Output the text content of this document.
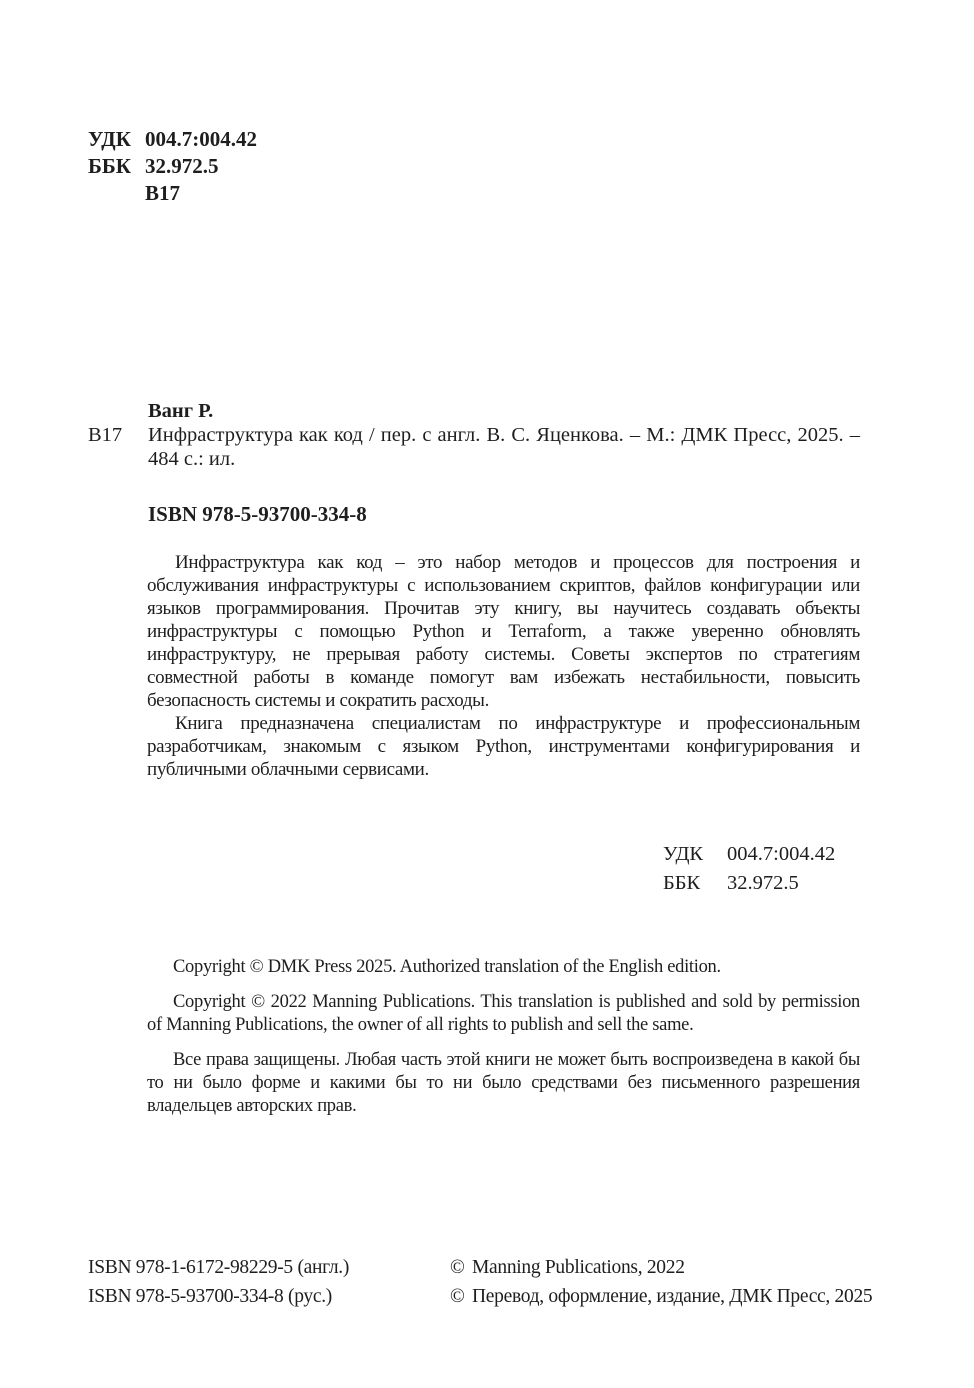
УДК 004.7:004.42
ББК 32.972.5
В17
Ванг Р.
В17 Инфраструктура как код / пер. с англ. В. С. Яценкова. – М.: ДМК Пресс, 2025. – 484 с.: ил.

ISBN 978-5-93700-334-8

Инфраструктура как код – это набор методов и процессов для построения и обслуживания инфраструктуры с использованием скриптов, файлов конфигурации или языков программирования. Прочитав эту книгу, вы научитесь создавать объекты инфраструктуры с помощью Python и Terraform, а также уверенно обновлять инфраструктуру, не прерывая работу системы. Советы экспертов по стратегиям совместной работы в команде помогут вам избежать нестабильности, повысить безопасность системы и сократить расходы.

Книга предназначена специалистам по инфраструктуре и профессиональным разработчикам, знакомым с языком Python, инструментами конфигурирования и публичными облачными сервисами.

УДК 004.7:004.42
ББК 32.972.5

Copyright © DMK Press 2025. Authorized translation of the English edition.

Copyright © 2022 Manning Publications. This translation is published and sold by permission of Manning Publications, the owner of all rights to publish and sell the same.

Все права защищены. Любая часть этой книги не может быть воспроизведена в какой бы то ни было форме и какими бы то ни было средствами без письменного разрешения владельцев авторских прав.

ISBN 978-1-6172-98229-5 (англ.)
ISBN 978-5-93700-334-8 (рус.)
© Manning Publications, 2022
© Перевод, оформление, издание, ДМК Пресс, 2025
